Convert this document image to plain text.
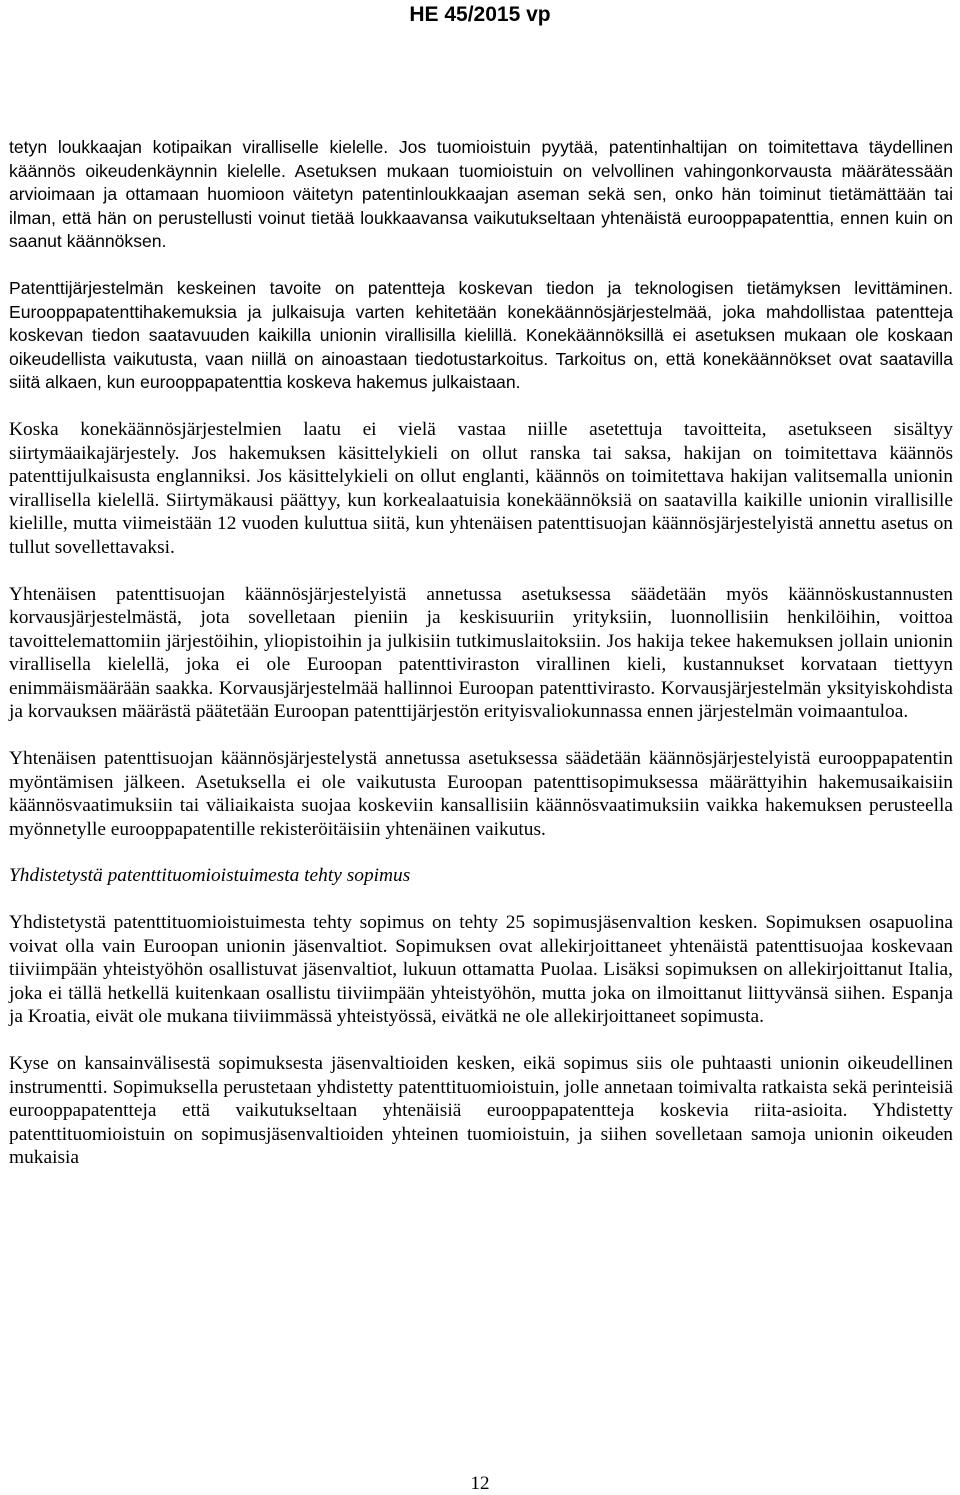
HE 45/2015 vp

tetyn loukkaajan kotipaikan viralliselle kielelle. Jos tuomioistuin pyytää, patentinhaltijan on toimitettava täydellinen käännös oikeudenkäynnin kielelle. Asetuksen mukaan tuomioistuin on velvollinen vahingonkorvausta määrätessään arvioimaan ja ottamaan huomioon väitetyn patentinloukkaajan aseman sekä sen, onko hän toiminut tietämättään tai ilman, että hän on perustellusti voinut tietää loukkaavansa vaikutukseltaan yhtenäistä eurooppapatenttia, ennen kuin on saanut käännöksen.

Patenttijärjestelmän keskeinen tavoite on patentteja koskevan tiedon ja teknologisen tietämyksen levittäminen. Eurooppapatenttihakemuksia ja julkaisuja varten kehitetään konekäännösjärjestelmää, joka mahdollistaa patentteja koskevan tiedon saatavuuden kaikilla unionin virallisilla kielillä. Konekäännöksillä ei asetuksen mukaan ole koskaan oikeudellista vaikutusta, vaan niillä on ainoastaan tiedotustarkoitus. Tarkoitus on, että konekäännökset ovat saatavilla siitä alkaen, kun eurooppapatenttia koskeva hakemus julkaistaan.

Koska konekäännösjärjestelmien laatu ei vielä vastaa niille asetettuja tavoitteita, asetukseen sisältyy siirtymäaikajärjestely. Jos hakemuksen käsittelykieli on ollut ranska tai saksa, hakijan on toimitettava käännös patenttijulkaisusta englanniksi. Jos käsittelykieli on ollut englanti, käännös on toimitettava hakijan valitsemalla unionin virallisella kielellä. Siirtymäkausi päättyy, kun korkealaatuisia konekäännöksiä on saatavilla kaikille unionin virallisille kielille, mutta viimeistään 12 vuoden kuluttua siitä, kun yhtenäisen patenttisuojan käännösjärjestelyistä annettu asetus on tullut sovellettavaksi.

Yhtenäisen patenttisuojan käännösjärjestelyistä annetussa asetuksessa säädetään myös käännöskustannusten korvausjärjestelmästä, jota sovelletaan pieniin ja keskisuuriin yrityksiin, luonnollisiin henkilöihin, voittoa tavoittelemattomiin järjestöihin, yliopistoihin ja julkisiin tutkimuslaitoksiin. Jos hakija tekee hakemuksen jollain unionin virallisella kielellä, joka ei ole Euroopan patenttiviraston virallinen kieli, kustannukset korvataan tiettyyn enimmäismäärään saakka. Korvausjärjestelmää hallinnoi Euroopan patenttivirasto. Korvausjärjestelmän yksityiskohdista ja korvauksen määrästä päätetään Euroopan patenttijärjestön erityisvaliokunnassa ennen järjestelmän voimaantuloa.

Yhtenäisen patenttisuojan käännösjärjestelystä annetussa asetuksessa säädetään käännösjärjestelyistä eurooppapatentin myöntämisen jälkeen. Asetuksella ei ole vaikutusta Euroopan patenttisopimuksessa määrättyihin hakemusaikaisiin käännösvaatimuksiin tai väliaikaista suojaa koskeviin kansallisiin käännösvaatimuksiin vaikka hakemuksen perusteella myönnetylle eurooppapatentille rekisteröitäisiin yhtenäinen vaikutus.

Yhdistetystä patenttituomioistuimesta tehty sopimus

Yhdistetystä patenttituomioistuimesta tehty sopimus on tehty 25 sopimusjäsenvaltion kesken. Sopimuksen osapuolina voivat olla vain Euroopan unionin jäsenvaltiot. Sopimuksen ovat allekirjoittaneet yhtenäistä patenttisuojaa koskevaan tiiviimpään yhteistyöhön osallistuvat jäsenvaltiot, lukuun ottamatta Puolaa. Lisäksi sopimuksen on allekirjoittanut Italia, joka ei tällä hetkellä kuitenkaan osallistu tiiviimpään yhteistyöhön, mutta joka on ilmoittanut liittyvänsä siihen. Espanja ja Kroatia, eivät ole mukana tiiviimmässä yhteistyössä, eivätkä ne ole allekirjoittaneet sopimusta.

Kyse on kansainvälisestä sopimuksesta jäsenvaltioiden kesken, eikä sopimus siis ole puhtaasti unionin oikeudellinen instrumentti. Sopimuksella perustetaan yhdistetty patenttituomioistuin, jolle annetaan toimivalta ratkaista sekä perinteisiä eurooppapatentteja että vaikutukseltaan yhtenäisiä eurooppapatentteja koskevia riita-asioita. Yhdistetty patenttituomioistuin on sopimusjäsenvaltioiden yhteinen tuomioistuin, ja siihen sovelletaan samoja unionin oikeuden mukaisia

12
